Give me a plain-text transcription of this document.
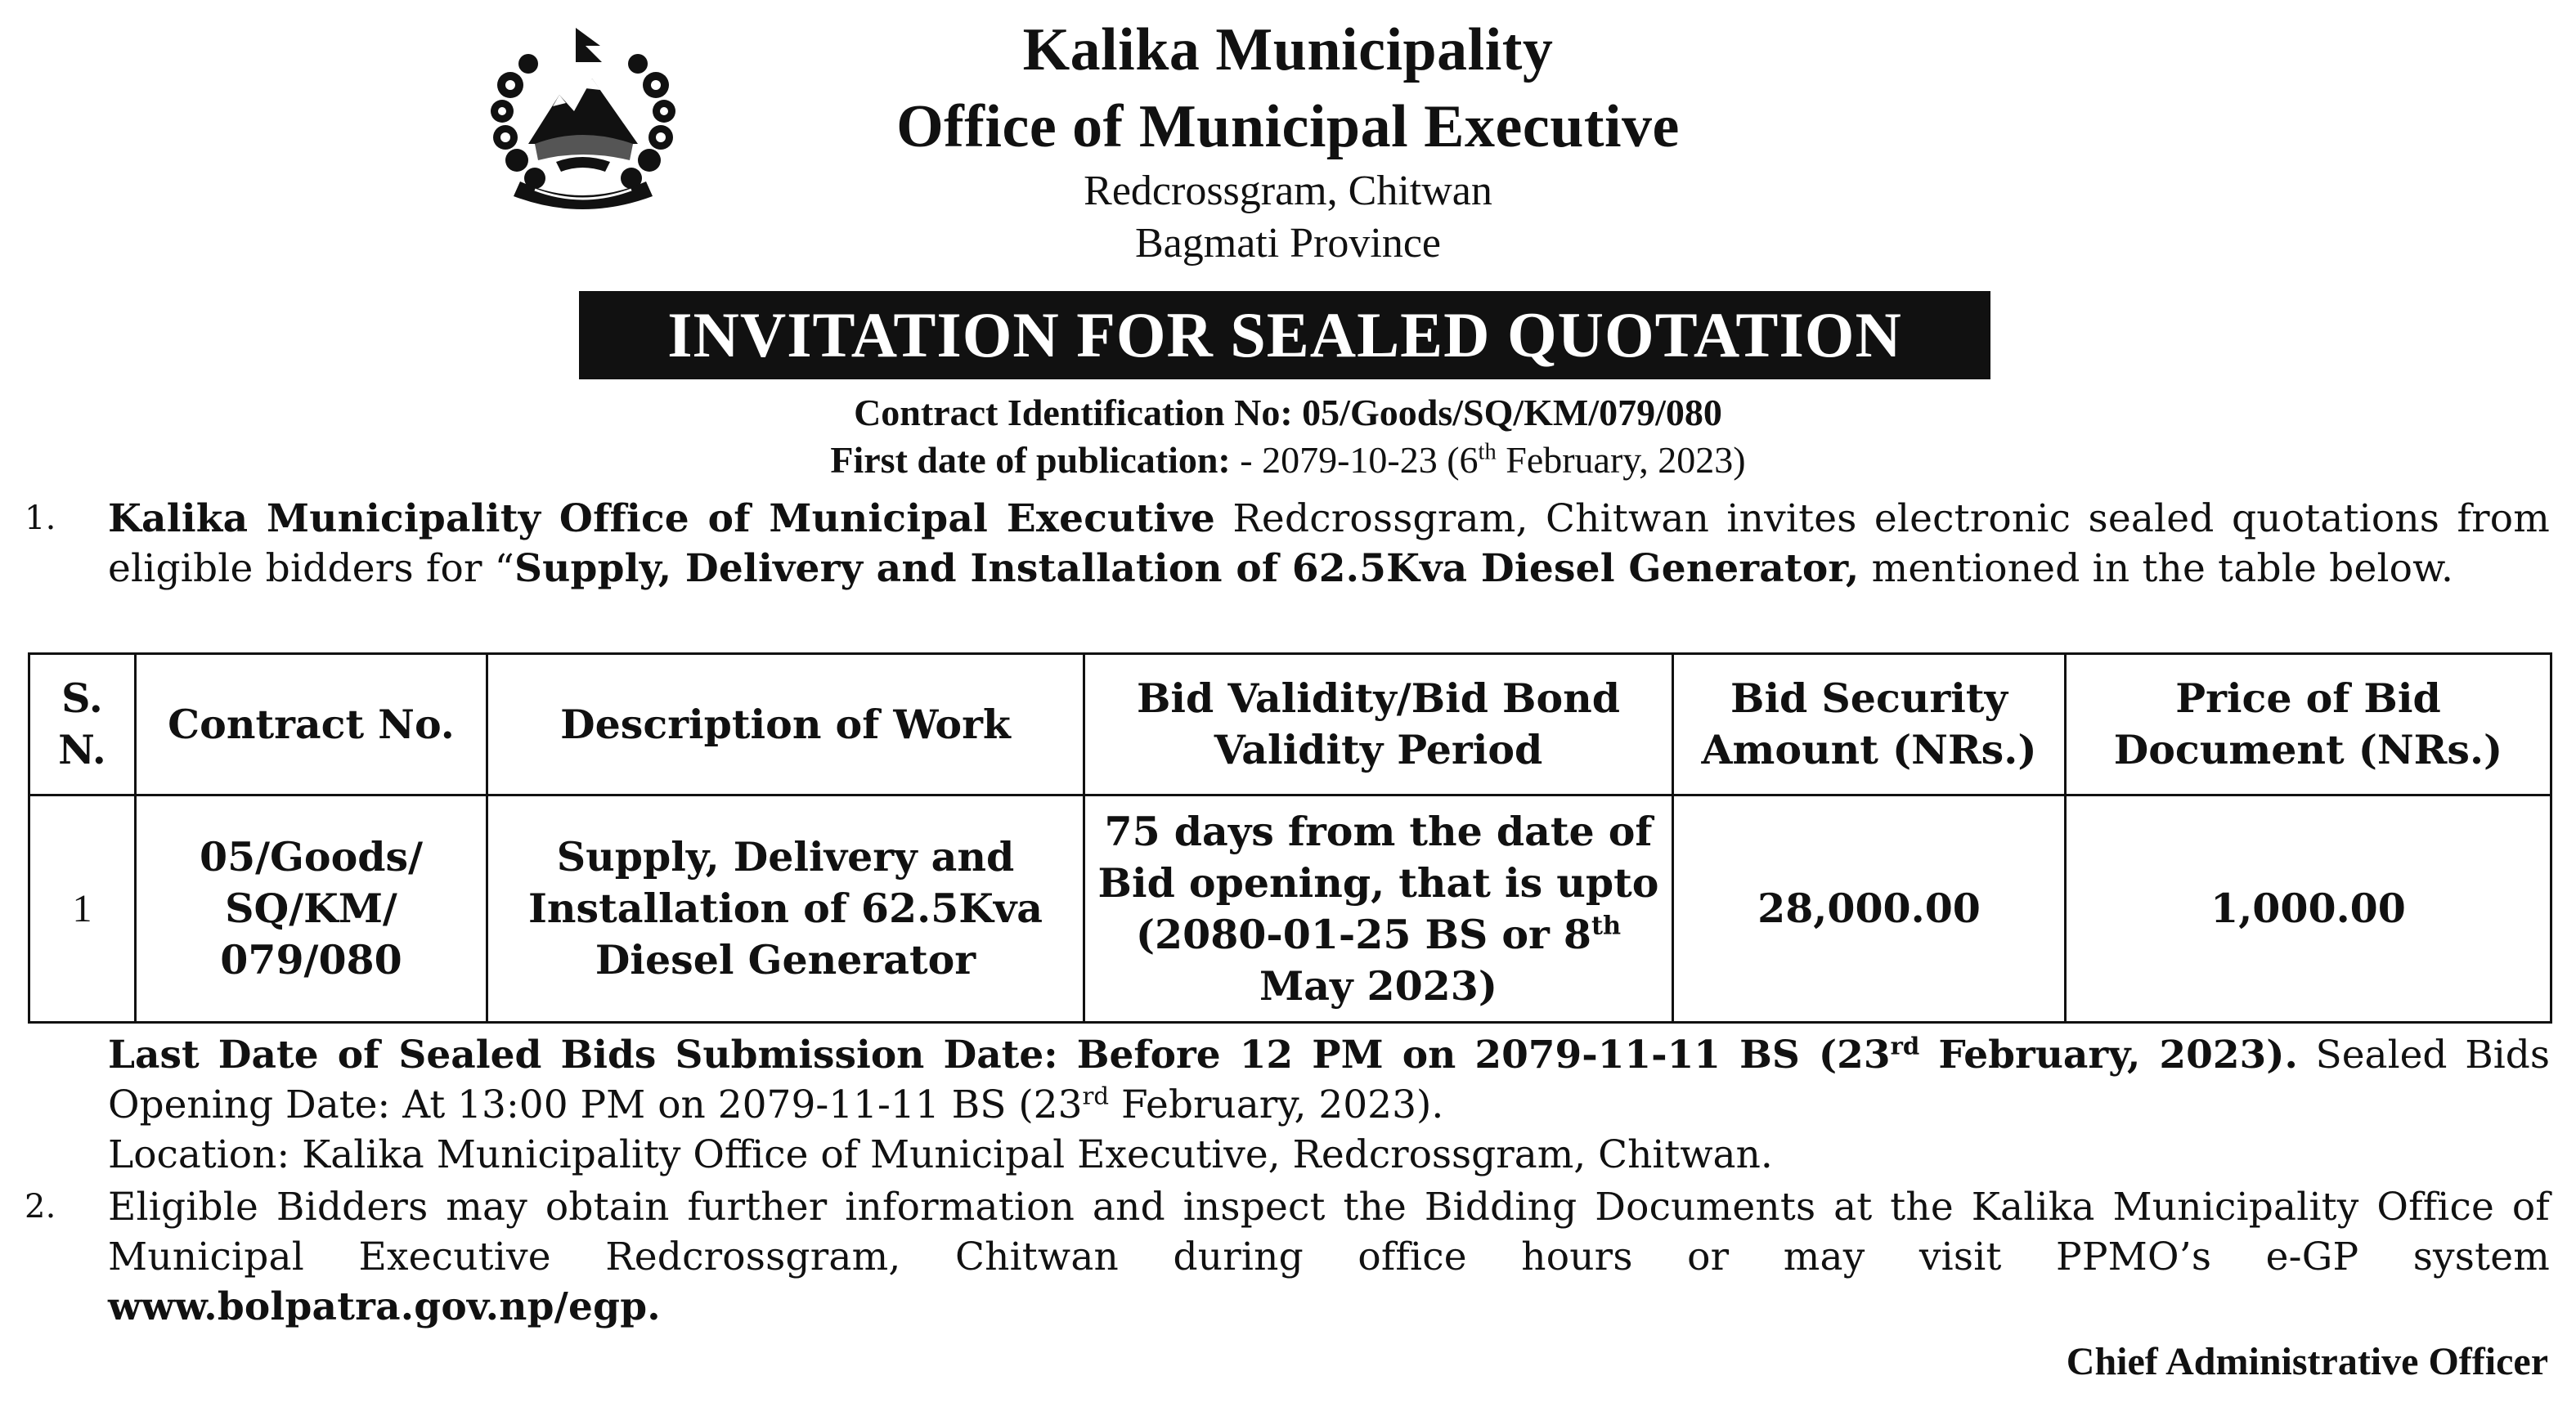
Kalika Municipality
Office of Municipal Executive
Redcrossgram, Chitwan
Bagmati Province
INVITATION FOR SEALED QUOTATION
Contract Identification No: 05/Goods/SQ/KM/079/080
First date of publication: - 2079-10-23 (6th February, 2023)
1.	Kalika Municipality Office of Municipal Executive Redcrossgram, Chitwan invites electronic sealed quotations from eligible bidders for “Supply, Delivery and Installation of 62.5Kva Diesel Generator, mentioned in the table below.
S. N.	Contract No.	Description of Work	Bid Validity/Bid Bond Validity Period	Bid Security Amount (NRs.)	Price of Bid Document (NRs.)
1	05/Goods/ SQ/KM/ 079/080	Supply, Delivery and Installation of 62.5Kva Diesel Generator	75 days from the date of Bid opening, that is upto (2080-01-25 BS or 8th May 2023)	28,000.00	1,000.00
Last Date of Sealed Bids Submission Date: Before 12 PM on 2079-11-11 BS (23rd February, 2023). Sealed Bids Opening Date: At 13:00 PM on 2079-11-11 BS (23rd February, 2023).
Location: Kalika Municipality Office of Municipal Executive, Redcrossgram, Chitwan.
2.	Eligible Bidders may obtain further information and inspect the Bidding Documents at the Kalika Municipality Office of Municipal Executive Redcrossgram, Chitwan during office hours or may visit PPMO’s e-GP system www.bolpatra.gov.np/egp.
Chief Administrative Officer
